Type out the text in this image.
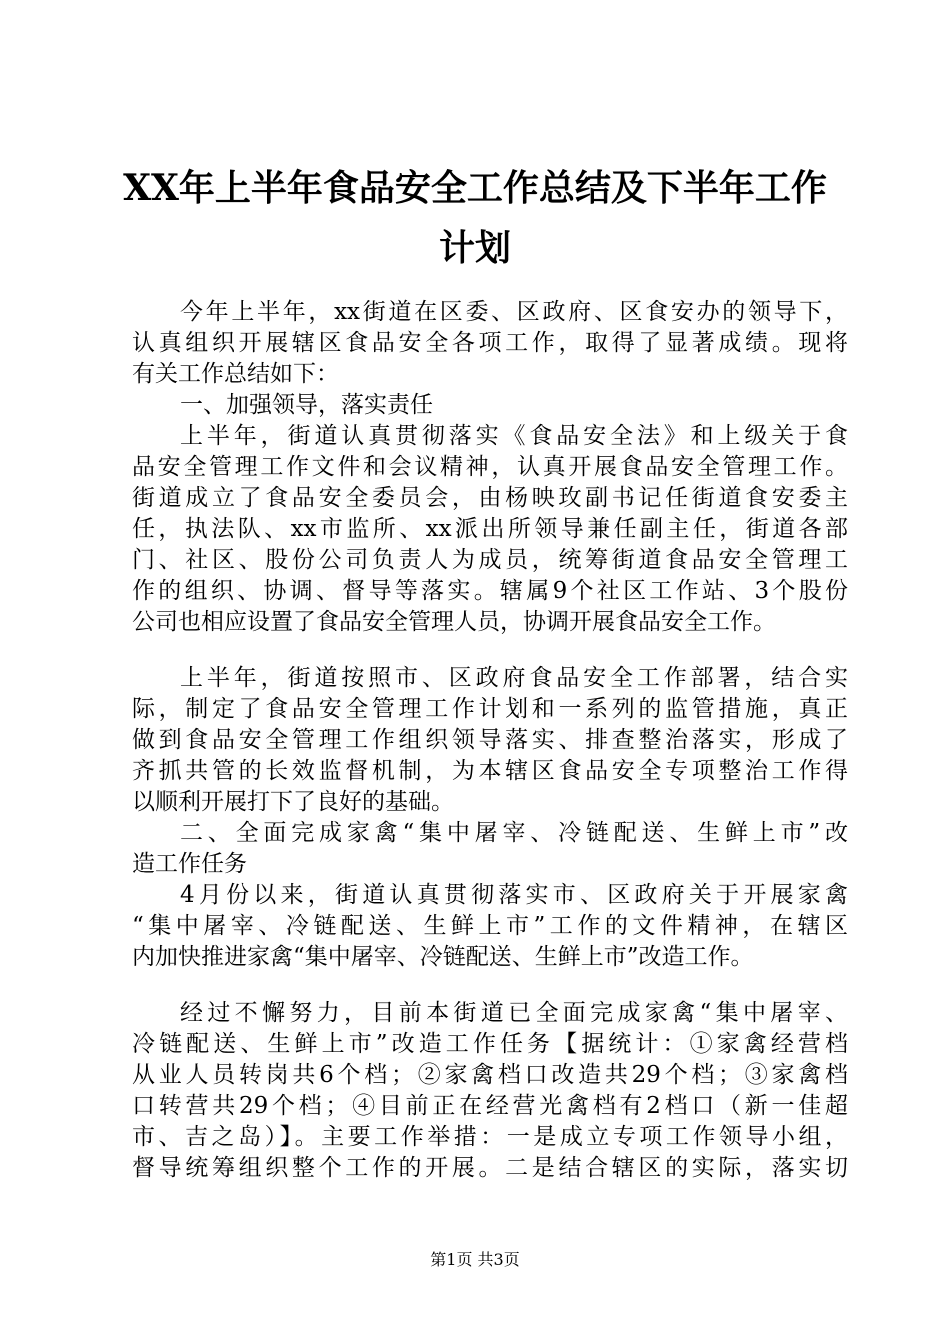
XX年上半年食品安全工作总结及下半年工作
计划
今年上半年，xx街道在区委、区政府、区食安办的领导下，
认真组织开展辖区食品安全各项工作，取得了显著成绩。现将
有关工作总结如下：
一、加强领导，落实责任
上半年，街道认真贯彻落实《食品安全法》和上级关于食
品安全管理工作文件和会议精神，认真开展食品安全管理工作。
街道成立了食品安全委员会，由杨映玫副书记任街道食安委主
任，执法队、xx市监所、xx派出所领导兼任副主任，街道各部
门、社区、股份公司负责人为成员，统筹街道食品安全管理工
作的组织、协调、督导等落实。辖属9个社区工作站、3个股份
公司也相应设置了食品安全管理人员，协调开展食品安全工作。
上半年，街道按照市、区政府食品安全工作部署，结合实
际，制定了食品安全管理工作计划和一系列的监管措施，真正
做到食品安全管理工作组织领导落实、排查整治落实，形成了
齐抓共管的长效监督机制，为本辖区食品安全专项整治工作得
以顺利开展打下了良好的基础。
二、全面完成家禽“集中屠宰、冷链配送、生鲜上市”改
造工作任务
4月份以来，街道认真贯彻落实市、区政府关于开展家禽
“集中屠宰、冷链配送、生鲜上市”工作的文件精神，在辖区
内加快推进家禽“集中屠宰、冷链配送、生鲜上市”改造工作。
经过不懈努力，目前本街道已全面完成家禽“集中屠宰、
冷链配送、生鲜上市”改造工作任务【据统计：①家禽经营档
从业人员转岗共6个档；②家禽档口改造共29个档；③家禽档
口转营共29个档；④目前正在经营光禽档有2档口（新一佳超
市、吉之岛）】。主要工作举措：一是成立专项工作领导小组，
督导统筹组织整个工作的开展。二是结合辖区的实际，落实切
第1页 共3页
